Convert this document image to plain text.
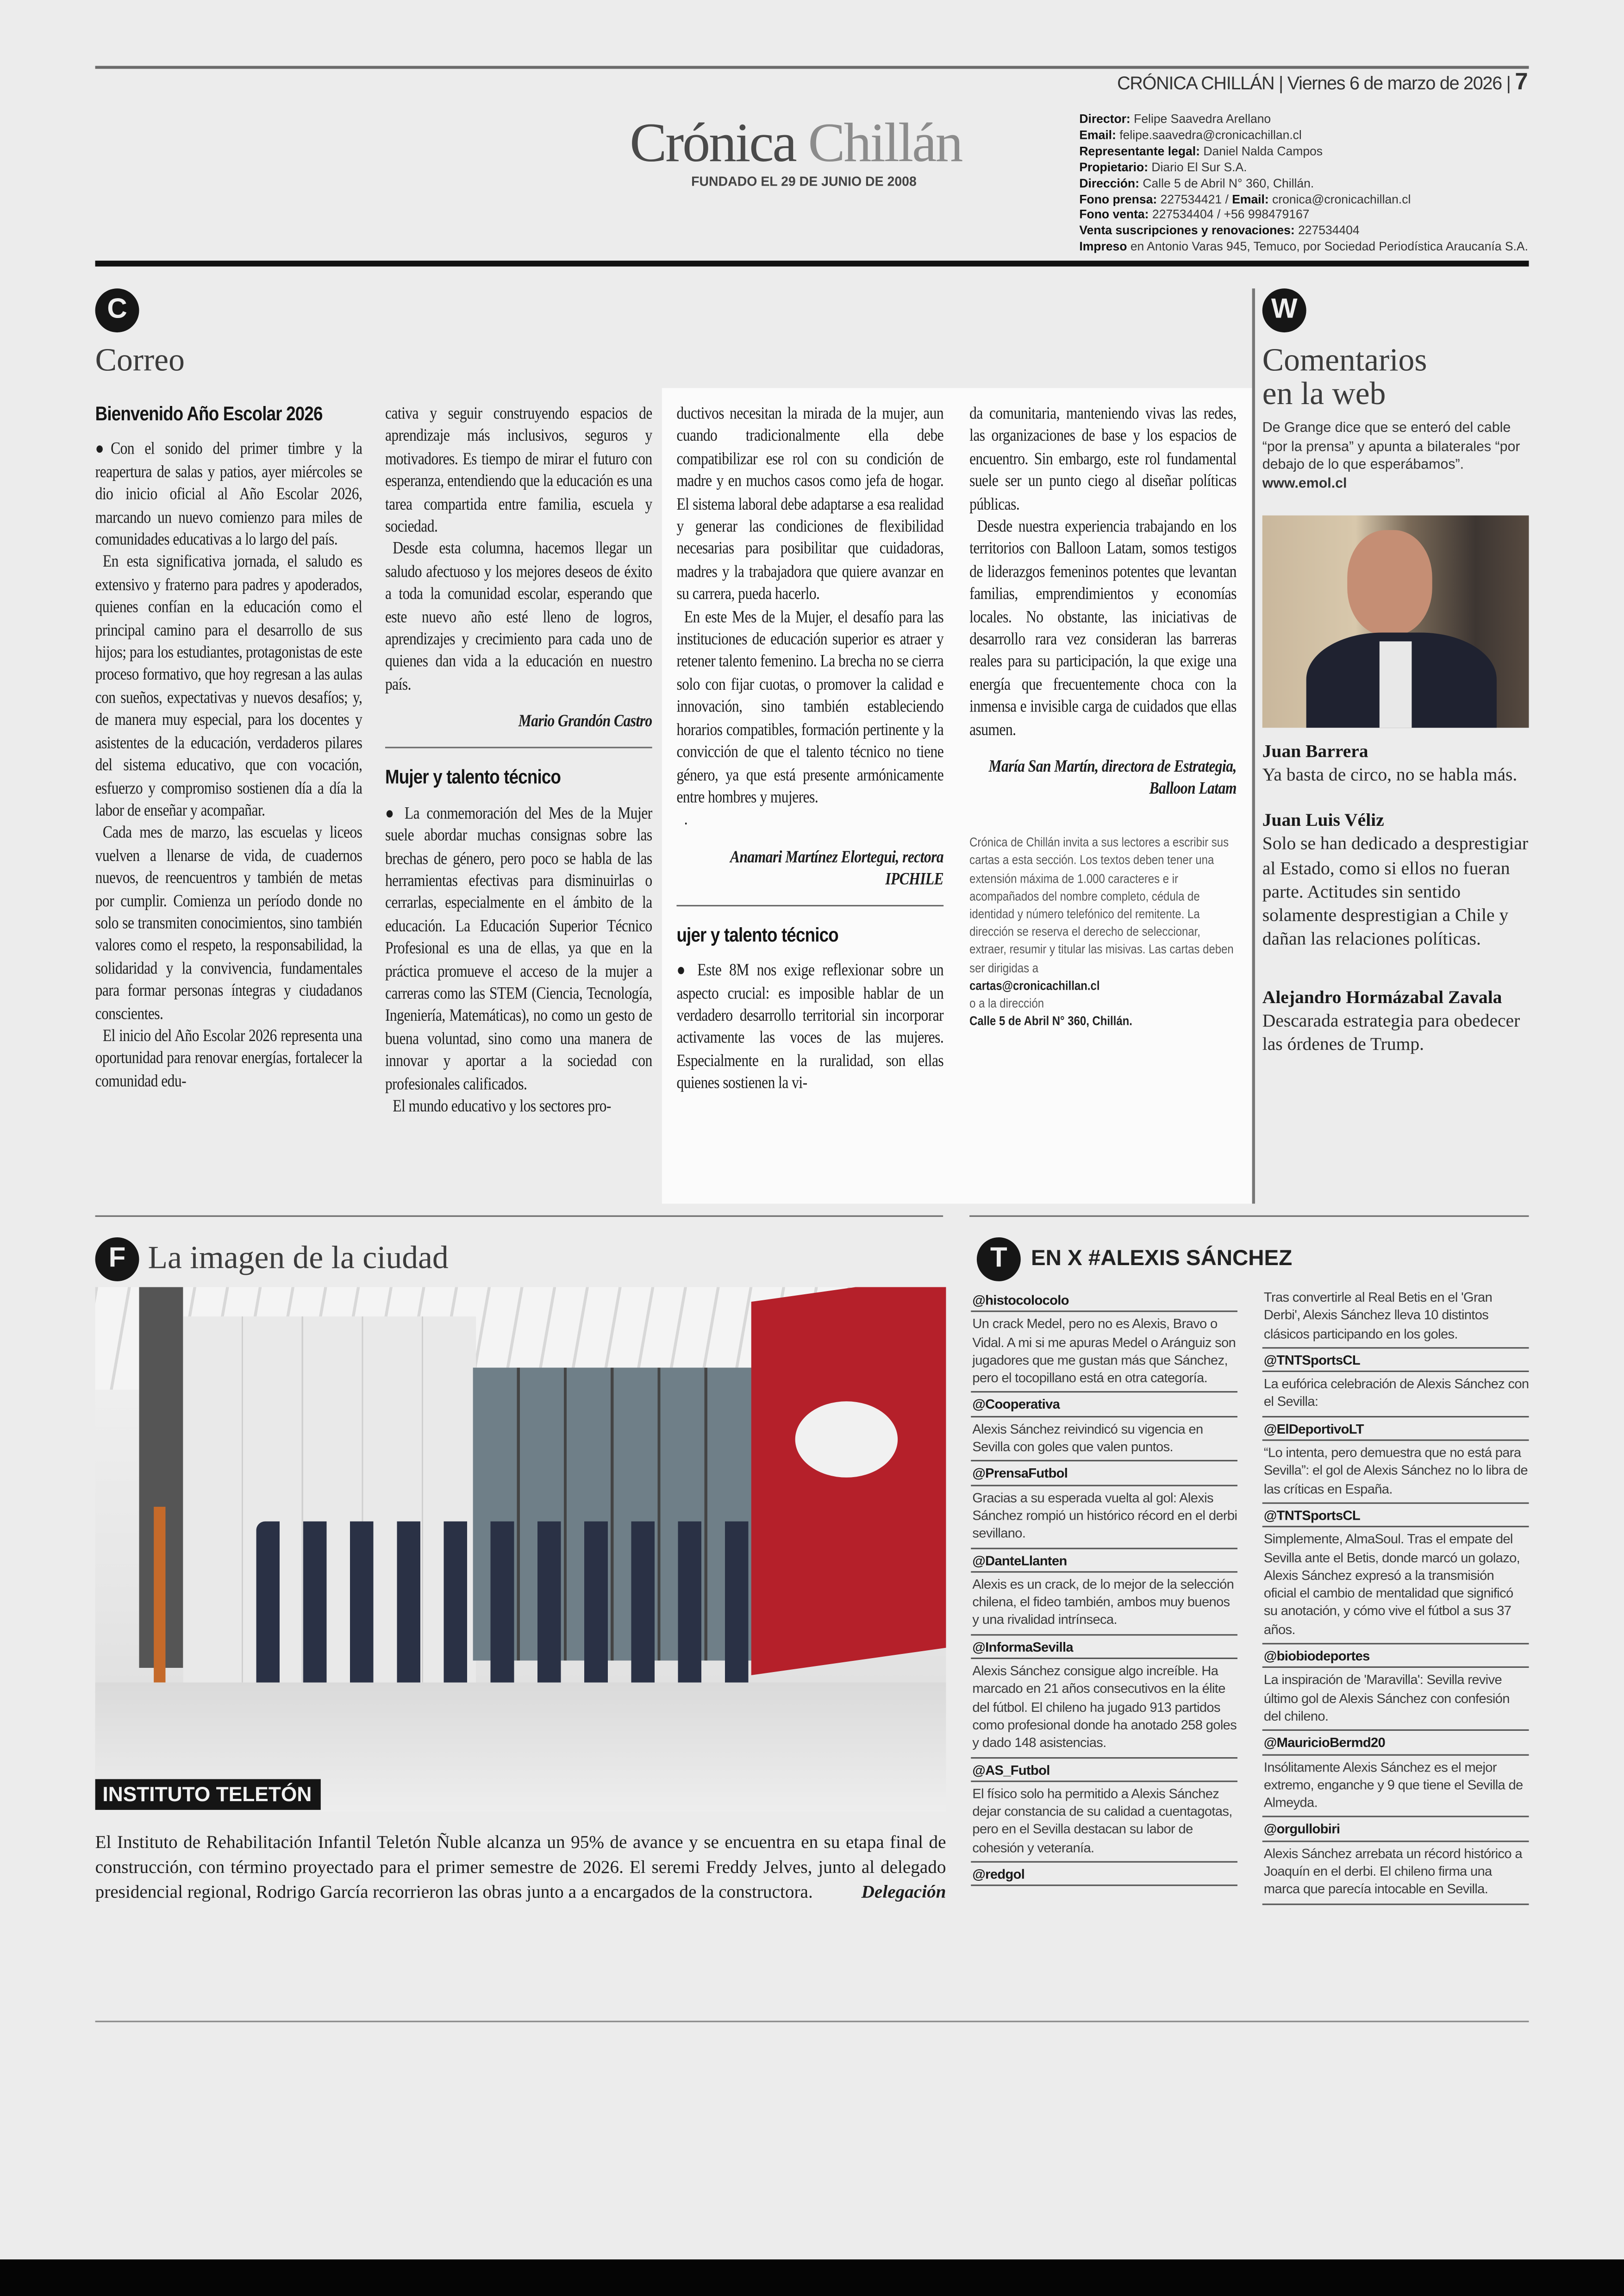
CRÓNICA CHILLÁN | Viernes 6 de marzo de 2026 | 7
Crónica Chillán
FUNDADO EL 29 DE JUNIO DE 2008
Director: Felipe Saavedra Arellano
Email: felipe.saavedra@cronicachillan.cl
Representante legal: Daniel Nalda Campos
Propietario: Diario El Sur S.A.
Dirección: Calle 5 de Abril N° 360, Chillán.
Fono prensa: 227534421 / Email: cronica@cronicachillan.cl
Fono venta: 227534404 / +56 998479167
Venta suscripciones y renovaciones: 227534404
Impreso en Antonio Varas 945, Temuco, por Sociedad Periodística Araucanía S.A.
C
Correo
Bienvenido Año Escolar 2026

●Con el sonido del primer timbre y la reapertura de salas y patios, ayer miércoles se dio inicio oficial al Año Escolar 2026, marcando un nuevo comienzo para miles de comunidades educativas a lo largo del país.

En esta significativa jornada, el saludo es extensivo y fraterno para padres y apoderados, quienes confían en la educación como el principal camino para el desarrollo de sus hijos; para los estudiantes, protagonistas de este proceso formativo, que hoy regresan a las aulas con sueños, expectativas y nuevos desafíos; y, de manera muy especial, para los docentes y asistentes de la educación, verdaderos pilares del sistema educativo, que con vocación, esfuerzo y compromiso sostienen día a día la labor de enseñar y acompañar.

Cada mes de marzo, las escuelas y liceos vuelven a llenarse de vida, de cuadernos nuevos, de reencuentros y también de metas por cumplir. Comienza un período donde no solo se transmiten conocimientos, sino también valores como el respeto, la responsabilidad, la solidaridad y la convivencia, fundamentales para formar personas íntegras y ciudadanos conscientes.

El inicio del Año Escolar 2026 representa una oportunidad para renovar energías, fortalecer la comunidad edu-

cativa y seguir construyendo espacios de aprendizaje más inclusivos, seguros y motivadores. Es tiempo de mirar el futuro con esperanza, entendiendo que la educación es una tarea compartida entre familia, escuela y sociedad.

Desde esta columna, hacemos llegar un saludo afectuoso y los mejores deseos de éxito a toda la comunidad escolar, esperando que este nuevo año esté lleno de logros, aprendizajes y crecimiento para cada uno de quienes dan vida a la educación en nuestro país.

Mario Grandón Castro
Mujer y talento técnico

● La conmemoración del Mes de la Mujer suele abordar muchas consignas sobre las brechas de género, pero poco se habla de las herramientas efectivas para disminuirlas o cerrarlas, especialmente en el ámbito de la educación. La Educación Superior Técnico Profesional es una de ellas, ya que en la práctica promueve el acceso de la mujer a carreras como las STEM (Ciencia, Tecnología, Ingeniería, Matemáticas), no como un gesto de buena voluntad, sino como una manera de innovar y aportar a la sociedad con profesionales calificados.

El mundo educativo y los sectores pro-

ductivos necesitan la mirada de la mujer, aun cuando tradicionalmente ella debe compatibilizar ese rol con su condición de madre y en muchos casos como jefa de hogar. El sistema laboral debe adaptarse a esa realidad y generar las condiciones de flexibilidad necesarias para posibilitar que cuidadoras, madres y la trabajadora que quiere avanzar en su carrera, pueda hacerlo.

En este Mes de la Mujer, el desafío para las instituciones de educación superior es atraer y retener talento femenino. La brecha no se cierra solo con fijar cuotas, o promover la calidad e innovación, sino también estableciendo horarios compatibles, formación pertinente y la convicción de que el talento técnico no tiene género, ya que está presente armónicamente entre hombres y mujeres.

.

Anamari Martínez Elortegui, rectora IPCHILE
ujer y talento técnico

● Este 8M nos exige reflexionar sobre un aspecto crucial: es imposible hablar de un verdadero desarrollo territorial sin incorporar activamente las voces de las mujeres. Especialmente en la ruralidad, son ellas quienes sostienen la vi-

da comunitaria, manteniendo vivas las redes, las organizaciones de base y los espacios de encuentro. Sin embargo, este rol fundamental suele ser un punto ciego al diseñar políticas públicas.

Desde nuestra experiencia trabajando en los territorios con Balloon Latam, somos testigos de liderazgos femeninos potentes que levantan familias, emprendimientos y economías locales. No obstante, las iniciativas de desarrollo rara vez consideran las barreras reales para su participación, la que exige una energía que frecuentemente choca con la inmensa e invisible carga de cuidados que ellas asumen.

María San Martín, directora de Estrategia, Balloon Latam
Crónica de Chillán invita a sus lectores a escribir sus cartas a esta sección. Los textos deben tener una extensión máxima de 1.000 caracteres e ir acompañados del nombre completo, cédula de identidad y número telefónico del remitente. La dirección se reserva el derecho de seleccionar, extraer, resumir y titular las misivas. Las cartas deben ser dirigidas a
cartas@cronicachillan.cl
o a la dirección
Calle 5 de Abril N° 360, Chillán.
W
Comentarios
en la web
De Grange dice que se enteró del cable “por la prensa” y apunta a bilaterales “por debajo de lo que esperábamos”.
www.emol.cl
Juan Barrera
Ya basta de circo, no se habla más.
Juan Luis Véliz
Solo se han dedicado a desprestigiar al Estado, como si ellos no fueran parte. Actitudes sin sentido solamente desprestigian a Chile y dañan las relaciones políticas.
Alejandro Hormázabal Zavala
Descarada estrategia para obedecer las órdenes de Trump.
F	La imagen de la ciudad
INSTITUTO TELETÓN
El Instituto de Rehabilitación Infantil Teletón Ñuble alcanza un 95% de avance y se encuentra en su etapa final de construcción, con término proyectado para el primer semestre de 2026. El seremi Freddy Jelves, junto al delegado presidencial regional, Rodrigo García recorrieron las obras junto a a encargados de la constructora.	Delegación
T	EN X #ALEXIS SÁNCHEZ
@histocolocolo
Un crack Medel, pero no es Alexis, Bravo o Vidal. A mi si me apuras Medel o Aránguiz son jugadores que me gustan más que Sánchez, pero el tocopillano está en otra categoría.
@Cooperativa
Alexis Sánchez reivindicó su vigencia en Sevilla con goles que valen puntos.
@PrensaFutbol
Gracias a su esperada vuelta al gol: Alexis Sánchez rompió un histórico récord en el derbi sevillano.
@DanteLlanten
Alexis es un crack, de lo mejor de la selección chilena, el fideo también, ambos muy buenos y una rivalidad intrínseca.
@InformaSevilla
Alexis Sánchez consigue algo increíble. Ha marcado en 21 años consecutivos en la élite del fútbol. El chileno ha jugado 913 partidos como profesional donde ha anotado 258 goles y dado 148 asistencias.
@AS_Futbol
El físico solo ha permitido a Alexis Sánchez dejar constancia de su calidad a cuentagotas, pero en el Sevilla destacan su labor de cohesión y veteranía.
@redgol
Tras convertirle al Real Betis en el 'Gran Derbi', Alexis Sánchez lleva 10 distintos clásicos participando en los goles.
@TNTSportsCL
La eufórica celebración de Alexis Sánchez con el Sevilla:
@ElDeportivoLT
“Lo intenta, pero demuestra que no está para Sevilla”: el gol de Alexis Sánchez no lo libra de las críticas en España.
@TNTSportsCL
Simplemente, AlmaSoul. Tras el empate del Sevilla ante el Betis, donde marcó un golazo, Alexis Sánchez expresó a la transmisión oficial el cambio de mentalidad que significó su anotación, y cómo vive el fútbol a sus 37 años.
@biobiodeportes
La inspiración de 'Maravilla': Sevilla revive último gol de Alexis Sánchez con confesión del chileno.
@MauricioBermd20
Insólitamente Alexis Sánchez es el mejor extremo, enganche y 9 que tiene el Sevilla de Almeyda.
@orgullobiri
Alexis Sánchez arrebata un récord histórico a Joaquín en el derbi. El chileno firma una marca que parecía intocable en Sevilla.
